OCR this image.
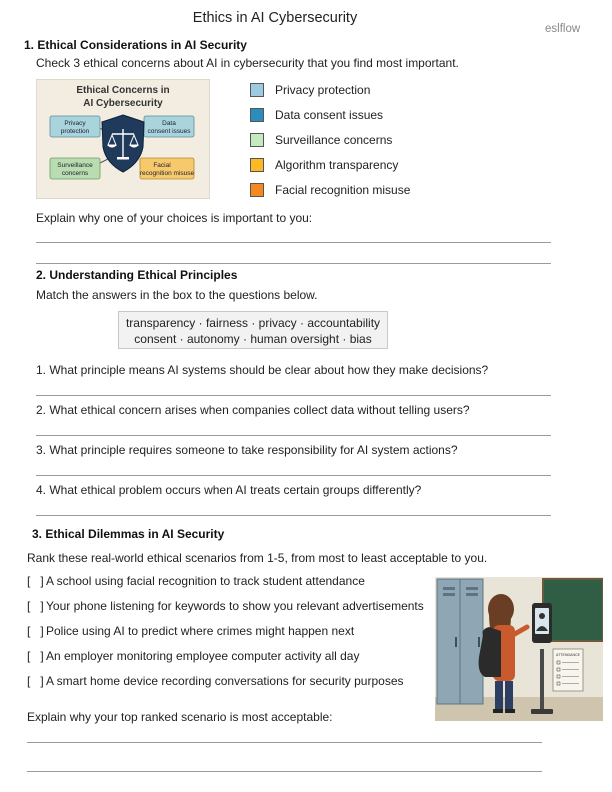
Ethics in AI Cybersecurity
eslflow
1. Ethical Considerations in AI Security
Check 3 ethical concerns about AI in cybersecurity that you find most important.
Ethical Concerns in
AI Cybersecurity
Privacy
protection
Data
consent issues
Surveillance
concerns
Facial
recognition misuse
Privacy protection
Data consent issues
Surveillance concerns
Algorithm transparency
Facial recognition misuse
Explain why one of your choices is important to you:
2. Understanding Ethical Principles
Match the answers in the box to the questions below.
transparency · fairness · privacy · accountability
consent · autonomy · human oversight · bias
1. What principle means AI systems should be clear about how they make decisions?
2. What ethical concern arises when companies collect data without telling users?
3. What principle requires someone to take responsibility for AI system actions?
4. What ethical problem occurs when AI treats certain groups differently?
3. Ethical Dilemmas in AI Security
Rank these real-world ethical scenarios from 1-5, from most to least acceptable to you.
[   ] A school using facial recognition to track student attendance
[   ] Your phone listening for keywords to show you relevant advertisements
[   ] Police using AI to predict where crimes might happen next
[   ] An employer monitoring employee computer activity all day
[   ] A smart home device recording conversations for security purposes
ATTENDANCE
Explain why your top ranked scenario is most acceptable:
